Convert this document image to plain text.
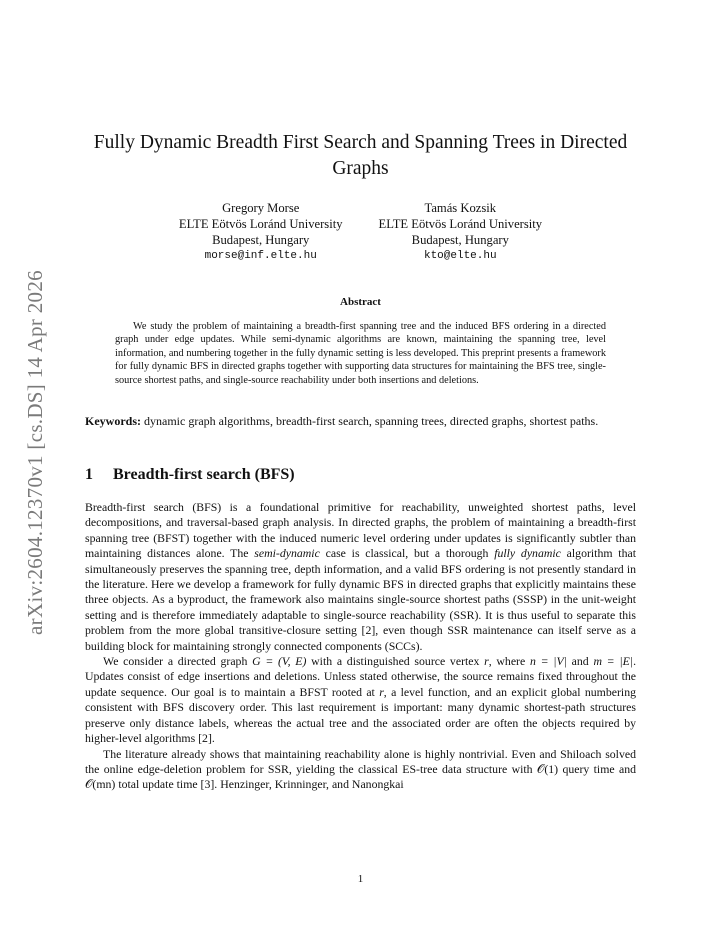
arXiv:2604.12370v1 [cs.DS] 14 Apr 2026
Fully Dynamic Breadth First Search and Spanning Trees in Directed Graphs
Gregory Morse
ELTE Eötvös Loránd University
Budapest, Hungary
morse@inf.elte.hu
Tamás Kozsik
ELTE Eötvös Loránd University
Budapest, Hungary
kto@elte.hu
Abstract

We study the problem of maintaining a breadth-first spanning tree and the induced BFS ordering in a directed graph under edge updates. While semi-dynamic algorithms are known, maintaining the spanning tree, level information, and numbering together in the fully dynamic setting is less developed. This preprint presents a framework for fully dynamic BFS in directed graphs together with supporting data structures for maintaining the BFS tree, single-source shortest paths, and single-source reachability under both insertions and deletions.

Keywords: dynamic graph algorithms, breadth-first search, spanning trees, directed graphs, shortest paths.

1 Breadth-first search (BFS)

Breadth-first search (BFS) is a foundational primitive for reachability, unweighted shortest paths, level decompositions, and traversal-based graph analysis. In directed graphs, the problem of maintaining a breadth-first spanning tree (BFST) together with the induced numeric level ordering under updates is significantly subtler than maintaining distances alone. The semi-dynamic case is classical, but a thorough fully dynamic algorithm that simultaneously preserves the spanning tree, depth information, and a valid BFS ordering is not presently standard in the literature. Here we develop a framework for fully dynamic BFS in directed graphs that explicitly maintains these three objects. As a byproduct, the framework also maintains single-source shortest paths (SSSP) in the unit-weight setting and is therefore immediately adaptable to single-source reachability (SSR). It is thus useful to separate this problem from the more global transitive-closure setting [2], even though SSR maintenance can itself serve as a building block for maintaining strongly connected components (SCCs).

We consider a directed graph G = (V, E) with a distinguished source vertex r, where n = |V| and m = |E|. Updates consist of edge insertions and deletions. Unless stated otherwise, the source remains fixed throughout the update sequence. Our goal is to maintain a BFST rooted at r, a level function, and an explicit global numbering consistent with BFS discovery order. This last requirement is important: many dynamic shortest-path structures preserve only distance labels, whereas the actual tree and the associated order are often the objects required by higher-level algorithms [2].

The literature already shows that maintaining reachability alone is highly nontrivial. Even and Shiloach solved the online edge-deletion problem for SSR, yielding the classical ES-tree data structure with 𝒪(1) query time and 𝒪(mn) total update time [3]. Henzinger, Krinninger, and Nanongkai

1
